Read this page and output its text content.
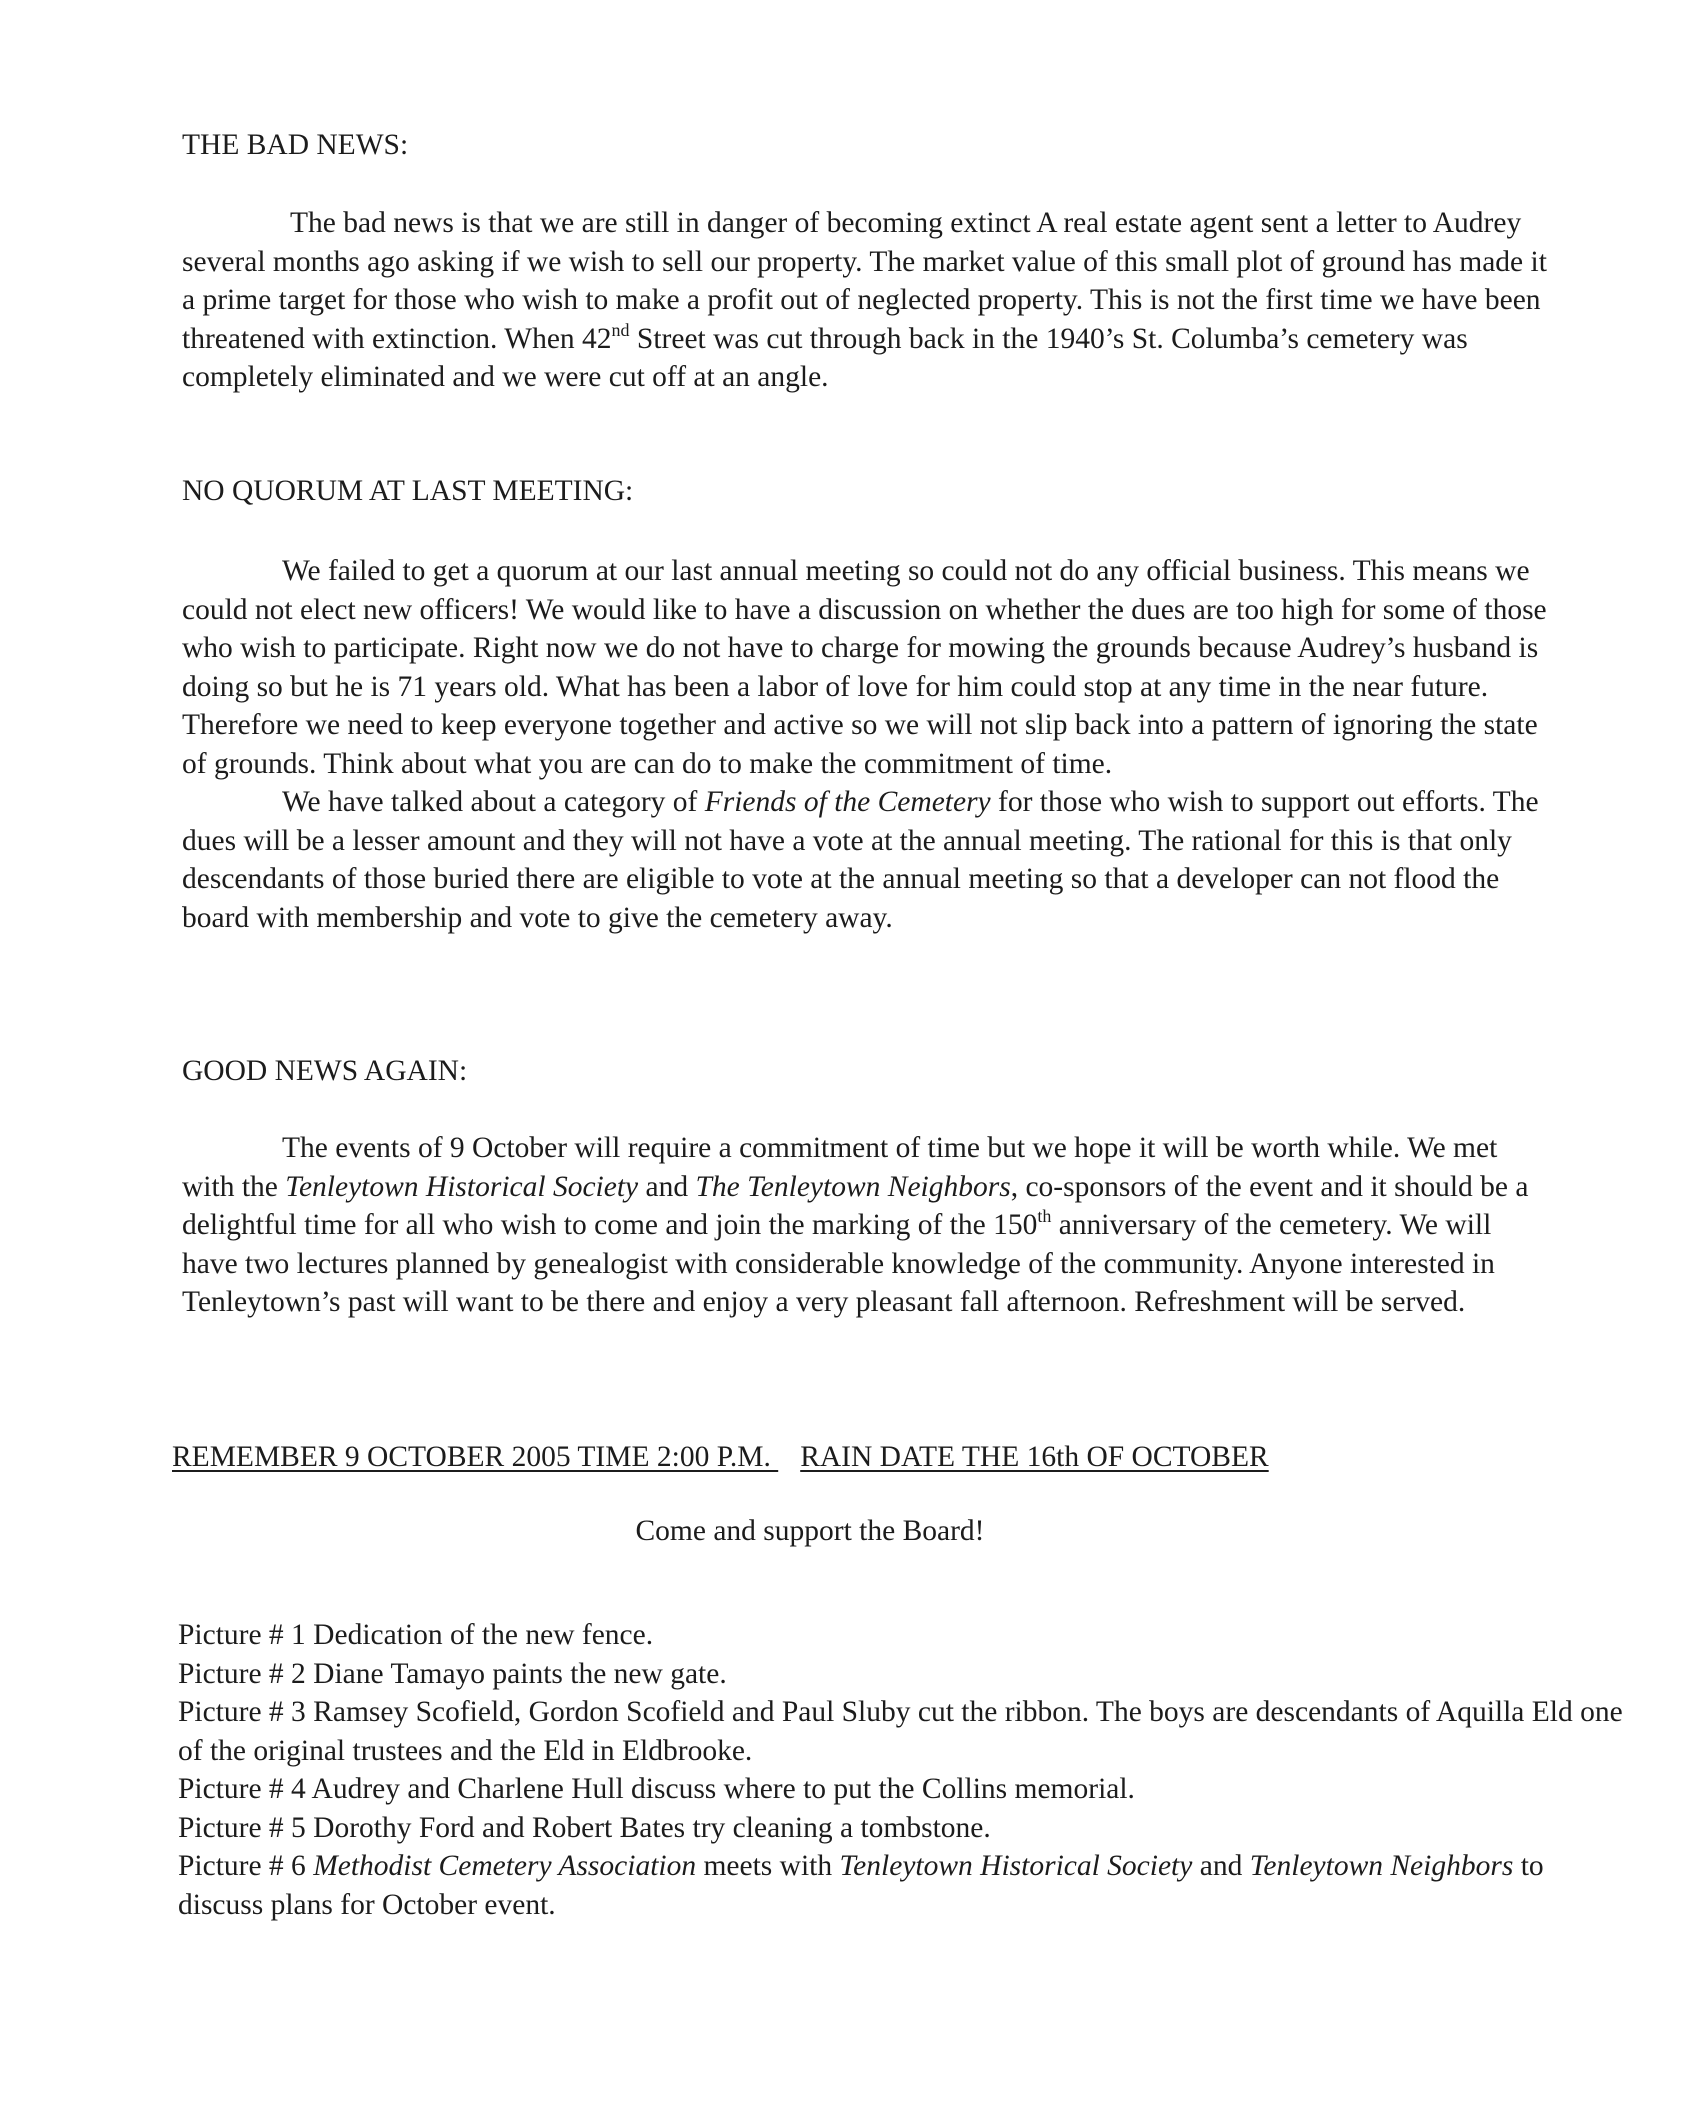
THE BAD NEWS:

The bad news is that we are still in danger of becoming extinct A real estate agent sent a letter to Audrey several months ago asking if we wish to sell our property. The market value of this small plot of ground has made it a prime target for those who wish to make a profit out of neglected property. This is not the first time we have been threatened with extinction. When 42nd Street was cut through back in the 1940’s St. Columba’s cemetery was completely eliminated and we were cut off at an angle.

NO QUORUM AT LAST MEETING:

We failed to get a quorum at our last annual meeting so could not do any official business. This means we could not elect new officers! We would like to have a discussion on whether the dues are too high for some of those who wish to participate. Right now we do not have to charge for mowing the grounds because Audrey’s husband is doing so but he is 71 years old. What has been a labor of love for him could stop at any time in the near future. Therefore we need to keep everyone together and active so we will not slip back into a pattern of ignoring the state of grounds. Think about what you are can do to make the commitment of time.

We have talked about a category of Friends of the Cemetery for those who wish to support out efforts. The dues will be a lesser amount and they will not have a vote at the annual meeting. The rational for this is that only descendants of those buried there are eligible to vote at the annual meeting so that a developer can not flood the board with membership and vote to give the cemetery away.

GOOD NEWS AGAIN:

The events of 9 October will require a commitment of time but we hope it will be worth while. We met with the Tenleytown Historical Society and The Tenleytown Neighbors, co-sponsors of the event and it should be a delightful time for all who wish to come and join the marking of the 150th anniversary of the cemetery. We will have two lectures planned by genealogist with considerable knowledge of the community. Anyone interested in Tenleytown’s past will want to be there and enjoy a very pleasant fall afternoon. Refreshment will be served.

REMEMBER 9 OCTOBER 2005 TIME 2:00 P.M. RAIN DATE THE 16th OF OCTOBER
Come and support the Board!

Picture # 1 Dedication of the new fence.

Picture # 2 Diane Tamayo paints the new gate.

Picture # 3 Ramsey Scofield, Gordon Scofield and Paul Sluby cut the ribbon. The boys are descendants of Aquilla Eld one of the original trustees and the Eld in Eldbrooke.

Picture # 4 Audrey and Charlene Hull discuss where to put the Collins memorial.

Picture # 5 Dorothy Ford and Robert Bates try cleaning a tombstone.

Picture # 6 Methodist Cemetery Association meets with Tenleytown Historical Society and Tenleytown Neighbors to discuss plans for October event.
